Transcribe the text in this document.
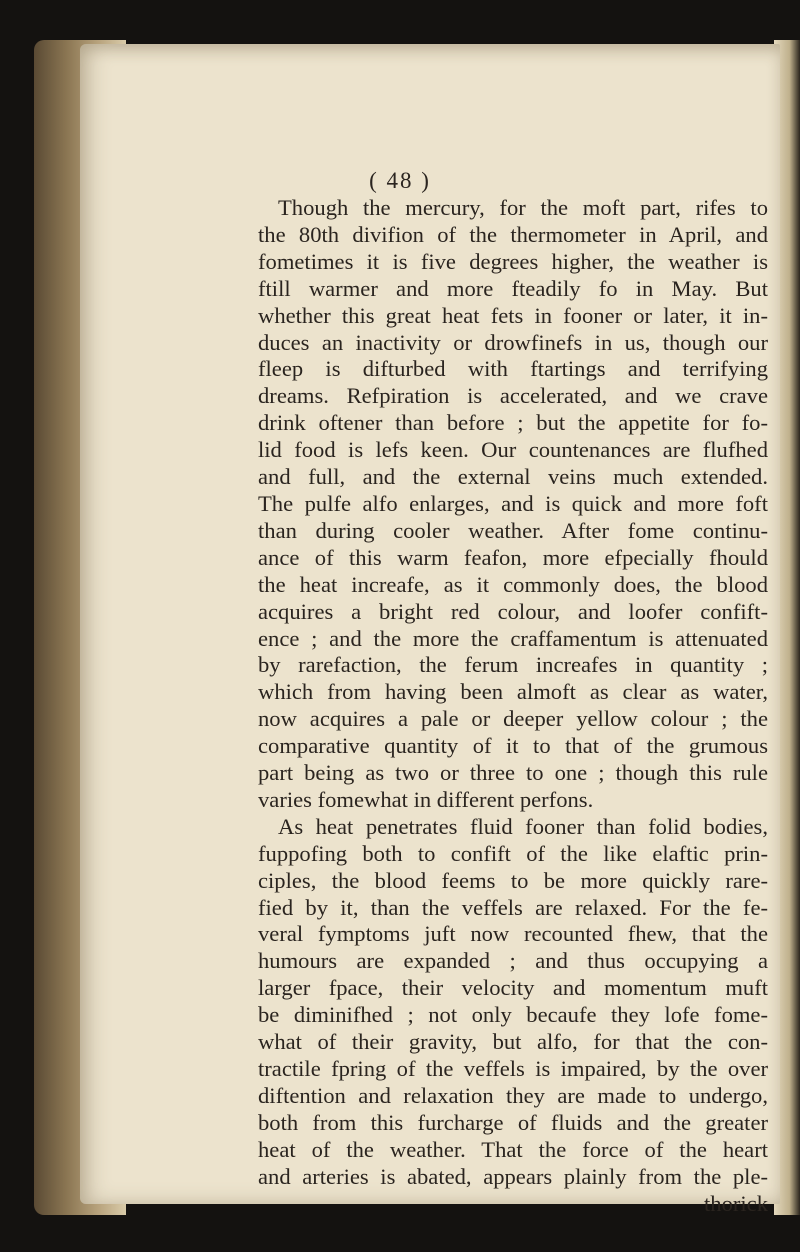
( 48 )
Though the mercury, for the moft part, rifes to
the 80th divifion of the thermometer in April, and
fometimes it is five degrees higher, the weather is
ftill warmer and more fteadily fo in May. But
whether this great heat fets in fooner or later, it in-
duces an inactivity or drowfinefs in us, though our
fleep is difturbed with ftartings and terrifying
dreams. Refpiration is accelerated, and we crave
drink oftener than before ; but the appetite for fo-
lid food is lefs keen. Our countenances are flufhed
and full, and the external veins much extended.
The pulfe alfo enlarges, and is quick and more foft
than during cooler weather. After fome continu-
ance of this warm feafon, more efpecially fhould
the heat increafe, as it commonly does, the blood
acquires a bright red colour, and loofer confift-
ence ; and the more the craffamentum is attenuated
by rarefaction, the ferum increafes in quantity ;
which from having been almoft as clear as water,
now acquires a pale or deeper yellow colour ; the
comparative quantity of it to that of the grumous
part being as two or three to one ; though this rule
varies fomewhat in different perfons.
As heat penetrates fluid fooner than folid bodies,
fuppofing both to confift of the like elaftic prin-
ciples, the blood feems to be more quickly rare-
fied by it, than the veffels are relaxed. For the fe-
veral fymptoms juft now recounted fhew, that the
humours are expanded ; and thus occupying a
larger fpace, their velocity and momentum muft
be diminifhed ; not only becaufe they lofe fome-
what of their gravity, but alfo, for that the con-
tractile fpring of the veffels is impaired, by the over
diftention and relaxation they are made to undergo,
both from this furcharge of fluids and the greater
heat of the weather. That the force of the heart
and arteries is abated, appears plainly from the ple-
thorick
